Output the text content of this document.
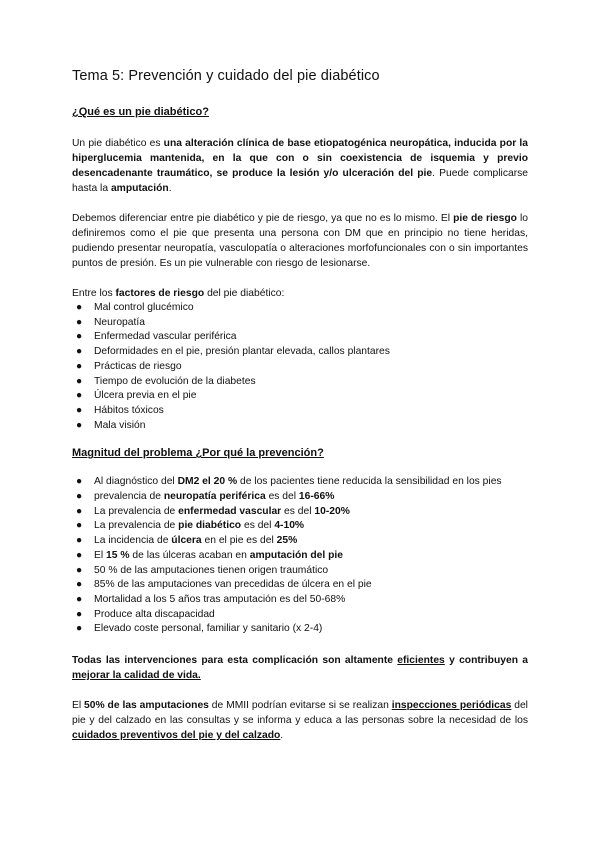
Tema 5: Prevención y cuidado del pie diabético
¿Qué es un pie diabético?

Un pie diabético es una alteración clínica de base etiopatogénica neuropática, inducida por la hiperglucemia mantenida, en la que con o sin coexistencia de isquemia y previo desencadenante traumático, se produce la lesión y/o ulceración del pie. Puede complicarse hasta la amputación.

Debemos diferenciar entre pie diabético y pie de riesgo, ya que no es lo mismo. El pie de riesgo lo definiremos como el pie que presenta una persona con DM que en principio no tiene heridas, pudiendo presentar neuropatía, vasculopatía o alteraciones morfofuncionales con o sin importantes puntos de presión. Es un pie vulnerable con riesgo de lesionarse.

Entre los factores de riesgo del pie diabético:

● Mal control glucémico
● Neuropatía
● Enfermedad vascular periférica
● Deformidades en el pie, presión plantar elevada, callos plantares
● Prácticas de riesgo
● Tiempo de evolución de la diabetes
● Úlcera previa en el pie
● Hábitos tóxicos
● Mala visión
Magnitud del problema ¿Por qué la prevención?
● Al diagnóstico del DM2 el 20 % de los pacientes tiene reducida la sensibilidad en los pies
● prevalencia de neuropatía periférica es del 16-66%
● La prevalencia de enfermedad vascular es del 10-20%
● La prevalencia de pie diabético es del 4-10%
● La incidencia de úlcera en el pie es del 25%
● El 15 % de las úlceras acaban en amputación del pie
● 50 % de las amputaciones tienen origen traumático
● 85% de las amputaciones van precedidas de úlcera en el pie
● Mortalidad a los 5 años tras amputación es del 50-68%
● Produce alta discapacidad
● Elevado coste personal, familiar y sanitario (x 2-4)

Todas las intervenciones para esta complicación son altamente eficientes y contribuyen a mejorar la calidad de vida.

El 50% de las amputaciones de MMII podrían evitarse si se realizan inspecciones periódicas del pie y del calzado en las consultas y se informa y educa a las personas sobre la necesidad de los cuidados preventivos del pie y del calzado.
